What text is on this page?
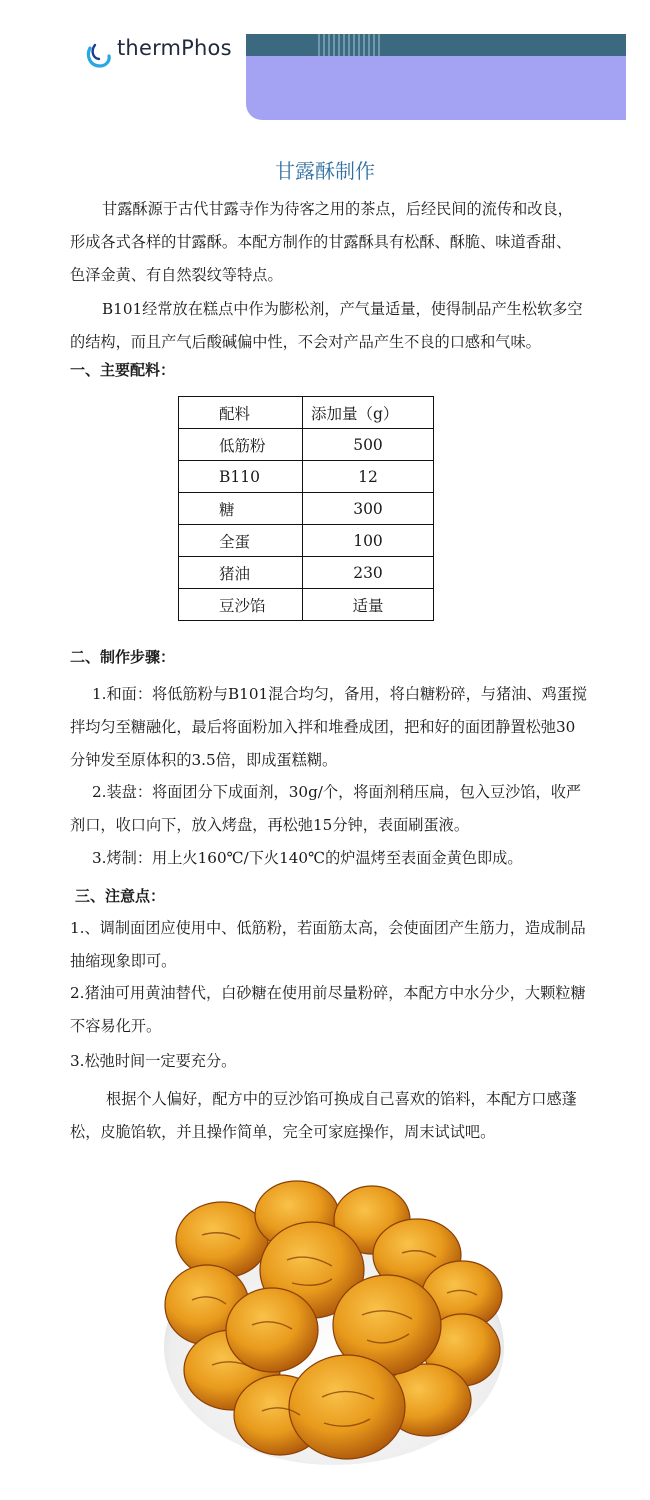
thermPhos
甘露酥制作

甘露酥源于古代甘露寺作为待客之用的茶点，后经民间的流传和改良，形成各式各样的甘露酥。本配方制作的甘露酥具有松酥、酥脆、味道香甜、色泽金黄、有自然裂纹等特点。

B101经常放在糕点中作为膨松剂，产气量适量，使得制品产生松软多空的结构，而且产气后酸碱偏中性，不会对产品产生不良的口感和气味。

一、主要配料：
配料	添加量（g）
低筋粉	500
B110	12
糖	300
全蛋	100
猪油	230
豆沙馅	适量
二、制作步骤：

1.和面：将低筋粉与B101混合均匀，备用，将白糖粉碎，与猪油、鸡蛋搅拌均匀至糖融化，最后将面粉加入拌和堆叠成团，把和好的面团静置松弛30分钟发至原体积的3.5倍，即成蛋糕糊。

2.装盘：将面团分下成面剂，30g/个，将面剂稍压扁，包入豆沙馅，收严剂口，收口向下，放入烤盘，再松弛15分钟，表面刷蛋液。

3.烤制：用上火160℃/下火140℃的炉温烤至表面金黄色即成。

三、注意点：

1.、调制面团应使用中、低筋粉，若面筋太高，会使面团产生筋力，造成制品抽缩现象即可。

2.猪油可用黄油替代，白砂糖在使用前尽量粉碎，本配方中水分少，大颗粒糖不容易化开。

3.松弛时间一定要充分。

根据个人偏好，配方中的豆沙馅可换成自己喜欢的馅料，本配方口感蓬松，皮脆馅软，并且操作简单，完全可家庭操作，周末试试吧。
